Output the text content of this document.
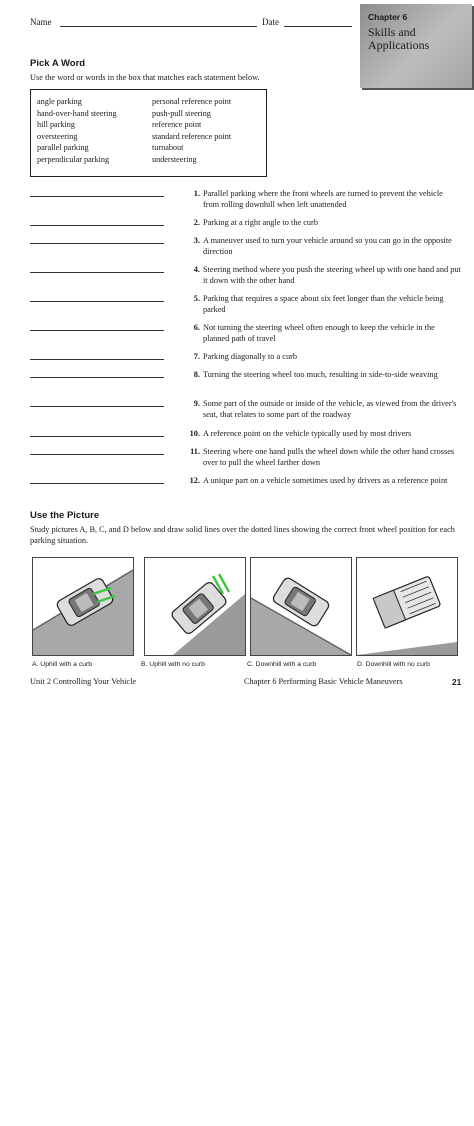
Name	Date	Chapter 6
Skills and
Applications
Pick A Word
Use the word or words in the box that matches each statement below.
angle parking
hand-over-hand steering
hill parking
oversteering
parallel parking
perpendicular parking
personal reference point
push-pull steering
reference point
standard reference point
turnabout
understeering
1. Parallel parking where the front wheels are turned to prevent the vehicle from rolling downhill when left unattended
2. Parking at a right angle to the curb
3. A maneuver used to turn your vehicle around so you can go in the opposite direction
4. Steering method where you push the steering wheel up with one hand and put it down with the other hand
5. Parking that requires a space about six feet longer than the vehicle being parked
6. Not turning the steering wheel often enough to keep the vehicle in the planned path of travel
7. Parking diagonally to a curb
8. Turning the steering wheel too much, resulting in side-to-side weaving
9. Some part of the outside or inside of the vehicle, as viewed from the driver's seat, that relates to some part of the roadway
10. A reference point on the vehicle typically used by most drivers
11. Steering where one hand pulls the wheel down while the other hand crosses over to pull the wheel farther down
12. A unique part on a vehicle sometimes used by drivers as a reference point
Use the Picture
Study pictures A, B, C, and D below and draw solid lines over the dotted lines showing the correct front wheel position for each parking situation.
A. Uphill with a curb	B. Uphill with no curb	C. Downhill with a curb	D. Downhill with no curb
Unit 2 Controlling Your Vehicle	Chapter 6 Performing Basic Vehicle Maneuvers	21
